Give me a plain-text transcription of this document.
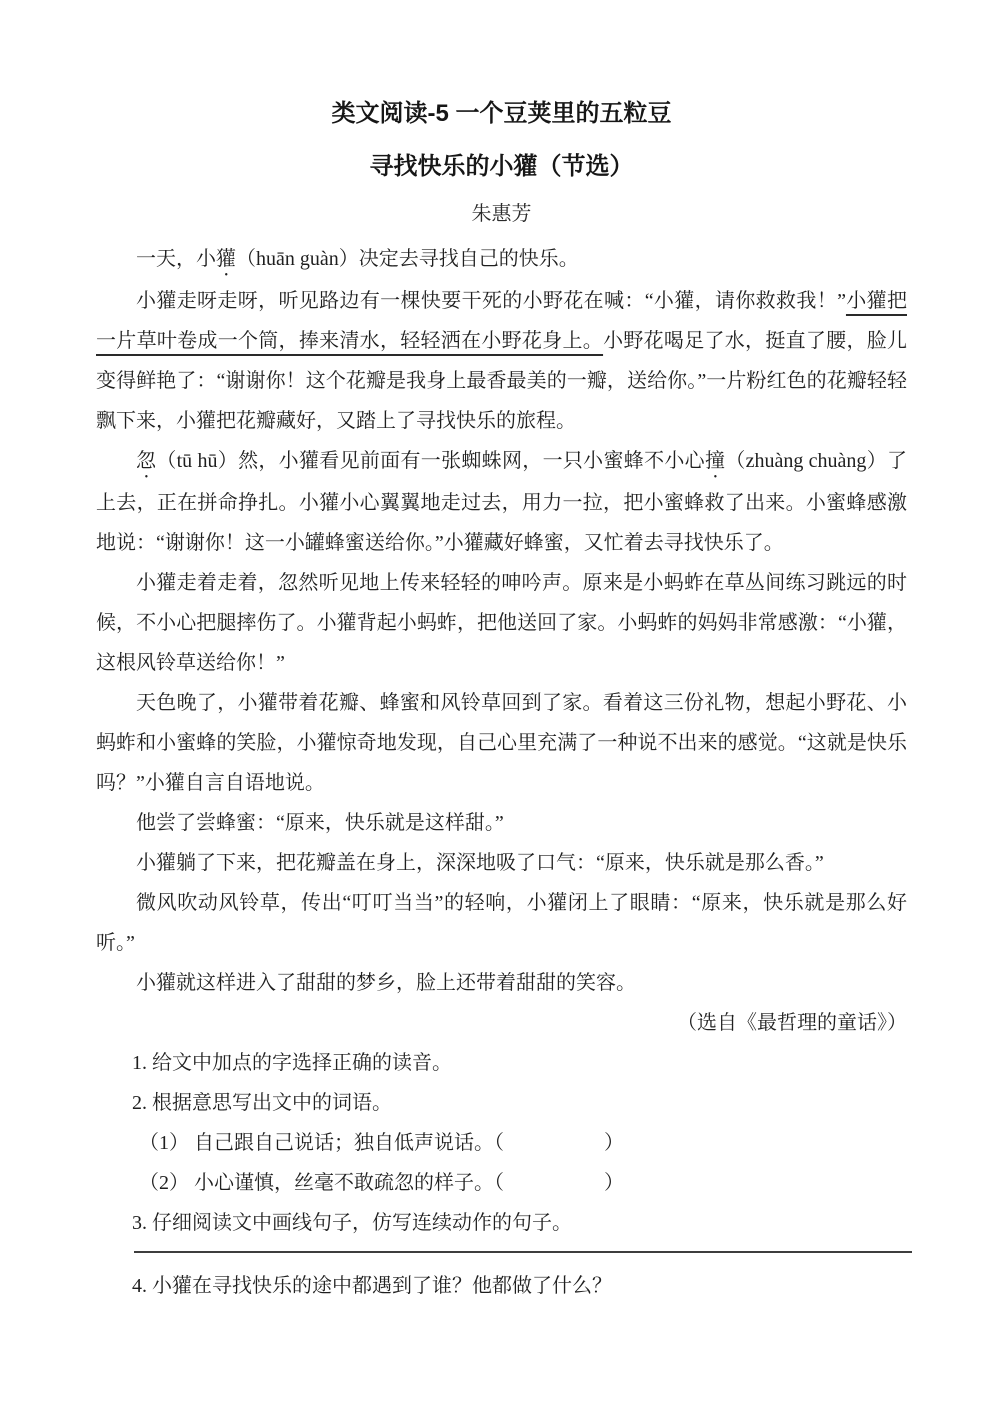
类文阅读-5 一个豆荚里的五粒豆
寻找快乐的小獾（节选）
朱惠芳

一天，小獾（huān guàn）决定去寻找自己的快乐。

小獾走呀走呀，听见路边有一棵快要干死的小野花在喊：“小獾，请你救救我！”小獾把一片草叶卷成一个筒，捧来清水，轻轻洒在小野花身上。小野花喝足了水，挺直了腰，脸儿变得鲜艳了：“谢谢你！这个花瓣是我身上最香最美的一瓣，送给你。”一片粉红色的花瓣轻轻飘下来，小獾把花瓣藏好，又踏上了寻找快乐的旅程。

忽（tū hū）然，小獾看见前面有一张蜘蛛网，一只小蜜蜂不小心撞（zhuàng chuàng）了上去，正在拼命挣扎。小獾小心翼翼地走过去，用力一拉，把小蜜蜂救了出来。小蜜蜂感激地说：“谢谢你！这一小罐蜂蜜送给你。”小獾藏好蜂蜜，又忙着去寻找快乐了。

小獾走着走着，忽然听见地上传来轻轻的呻吟声。原来是小蚂蚱在草丛间练习跳远的时候，不小心把腿摔伤了。小獾背起小蚂蚱，把他送回了家。小蚂蚱的妈妈非常感激：“小獾，这根风铃草送给你！”

天色晚了，小獾带着花瓣、蜂蜜和风铃草回到了家。看着这三份礼物，想起小野花、小蚂蚱和小蜜蜂的笑脸，小獾惊奇地发现，自己心里充满了一种说不出来的感觉。“这就是快乐吗？”小獾自言自语地说。

他尝了尝蜂蜜：“原来，快乐就是这样甜。”

小獾躺了下来，把花瓣盖在身上，深深地吸了口气：“原来，快乐就是那么香。”

微风吹动风铃草，传出“叮叮当当”的轻响，小獾闭上了眼睛：“原来，快乐就是那么好听。”

小獾就这样进入了甜甜的梦乡，脸上还带着甜甜的笑容。

（选自《最哲理的童话》）

1. 给文中加点的字选择正确的读音。

2. 根据意思写出文中的词语。

（1） 自己跟自己说话；独自低声说话。（　　　　　）

（2） 小心谨慎，丝毫不敢疏忽的样子。（　　　　　）

3. 仔细阅读文中画线句子，仿写连续动作的句子。

4. 小獾在寻找快乐的途中都遇到了谁？他都做了什么？
